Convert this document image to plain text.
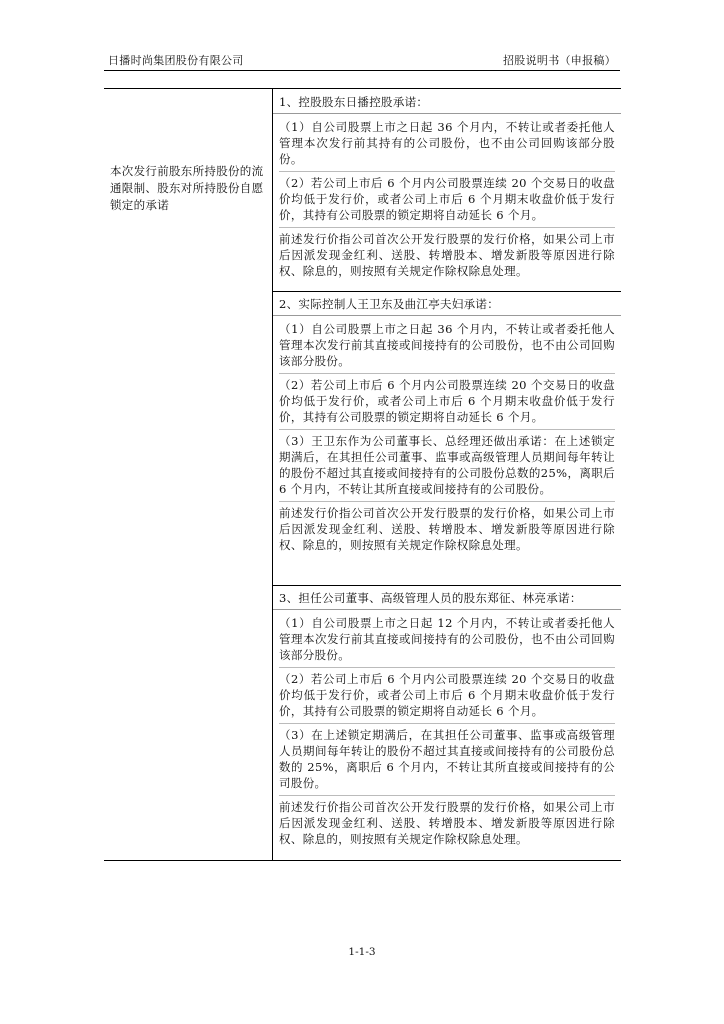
日播时尚集团股份有限公司	招股说明书（申报稿）
本次发行前股东所持股份的流通限制、股东对所持股份自愿锁定的承诺
1、控股股东日播控股承诺：
（1）自公司股票上市之日起 36 个月内，不转让或者委托他人管理本次发行前其持有的公司股份，也不由公司回购该部分股份。
（2）若公司上市后 6 个月内公司股票连续 20 个交易日的收盘价均低于发行价，或者公司上市后 6 个月期末收盘价低于发行价，其持有公司股票的锁定期将自动延长 6 个月。
前述发行价指公司首次公开发行股票的发行价格，如果公司上市后因派发现金红利、送股、转增股本、增发新股等原因进行除权、除息的，则按照有关规定作除权除息处理。
2、实际控制人王卫东及曲江亭夫妇承诺：
（1）自公司股票上市之日起 36 个月内，不转让或者委托他人管理本次发行前其直接或间接持有的公司股份，也不由公司回购该部分股份。
（2）若公司上市后 6 个月内公司股票连续 20 个交易日的收盘价均低于发行价，或者公司上市后 6 个月期末收盘价低于发行价，其持有公司股票的锁定期将自动延长 6 个月。
（3）王卫东作为公司董事长、总经理还做出承诺：在上述锁定期满后，在其担任公司董事、监事或高级管理人员期间每年转让的股份不超过其直接或间接持有的公司股份总数的25%，离职后 6 个月内，不转让其所直接或间接持有的公司股份。
前述发行价指公司首次公开发行股票的发行价格，如果公司上市后因派发现金红利、送股、转增股本、增发新股等原因进行除权、除息的，则按照有关规定作除权除息处理。
3、担任公司董事、高级管理人员的股东郑征、林亮承诺：
（1）自公司股票上市之日起 12 个月内，不转让或者委托他人管理本次发行前其直接或间接持有的公司股份，也不由公司回购该部分股份。
（2）若公司上市后 6 个月内公司股票连续 20 个交易日的收盘价均低于发行价，或者公司上市后 6 个月期末收盘价低于发行价，其持有公司股票的锁定期将自动延长 6 个月。
（3）在上述锁定期满后，在其担任公司董事、监事或高级管理人员期间每年转让的股份不超过其直接或间接持有的公司股份总数的 25%，离职后 6 个月内，不转让其所直接或间接持有的公司股份。
前述发行价指公司首次公开发行股票的发行价格，如果公司上市后因派发现金红利、送股、转增股本、增发新股等原因进行除权、除息的，则按照有关规定作除权除息处理。
1-1-3
